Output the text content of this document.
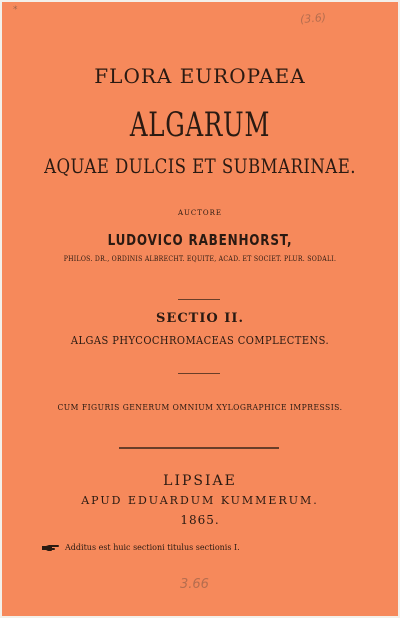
*
(3.6)
FLORA EUROPAEA
ALGARUM
AQUAE DULCIS ET SUBMARINAE.
AUCTORE
LUDOVICO RABENHORST,
PHILOS. DR., ORDINIS ALBRECHT. EQUITE, ACAD. ET SOCIET. PLUR. SODALI.
SECTIO II.
ALGAS PHYCOCHROMACEAS COMPLECTENS.
CUM FIGURIS GENERUM OMNIUM XYLOGRAPHICE IMPRESSIS.
LIPSIAE
APUD EDUARDUM KUMMERUM.
1865.
Additus est huic sectioni titulus sectionis I.
3.66
